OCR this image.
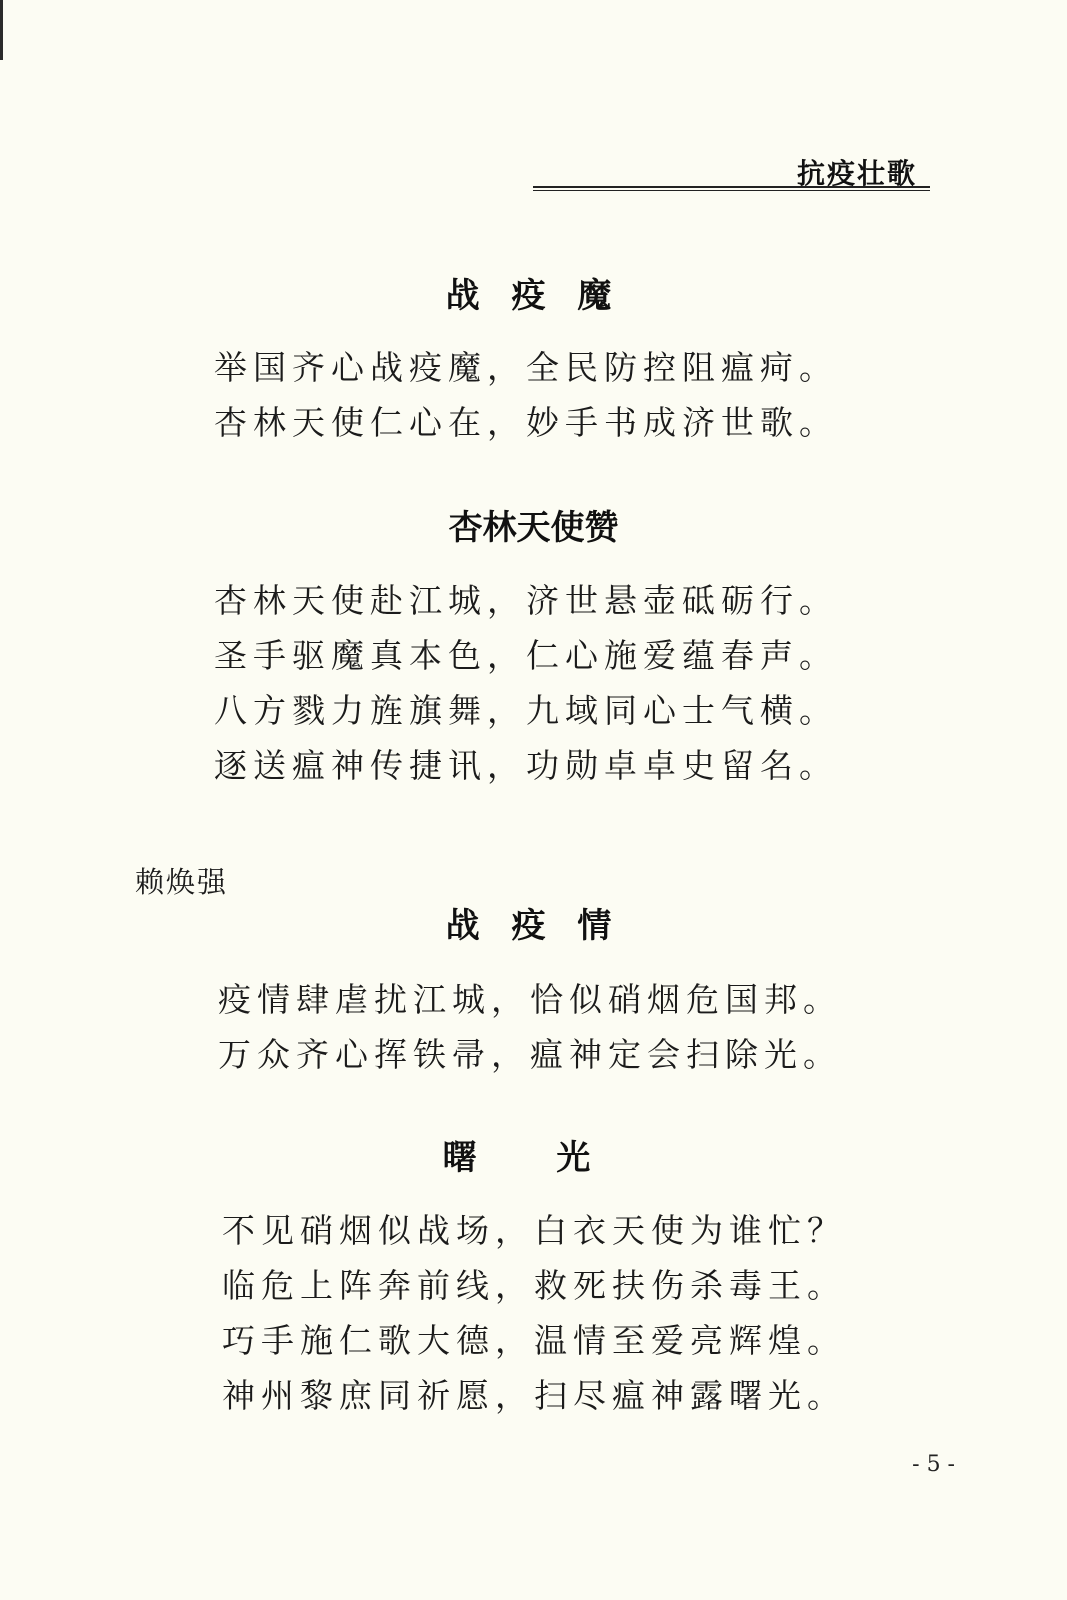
抗疫壮歌
战 疫 魔
举国齐心战疫魔，全民防控阻瘟疴。
杏林天使仁心在，妙手书成济世歌。
杏林天使赞
杏林天使赴江城，济世悬壶砥砺行。
圣手驱魔真本色，仁心施爱蕴春声。
八方戮力旌旗舞，九域同心士气横。
逐送瘟神传捷讯，功勋卓卓史留名。
赖焕强
战 疫 情
疫情肆虐扰江城，恰似硝烟危国邦。
万众齐心挥铁帚，瘟神定会扫除光。
曙 光
不见硝烟似战场，白衣天使为谁忙？
临危上阵奔前线，救死扶伤杀毒王。
巧手施仁歌大德，温情至爱亮辉煌。
神州黎庶同祈愿，扫尽瘟神露曙光。
- 5 -
